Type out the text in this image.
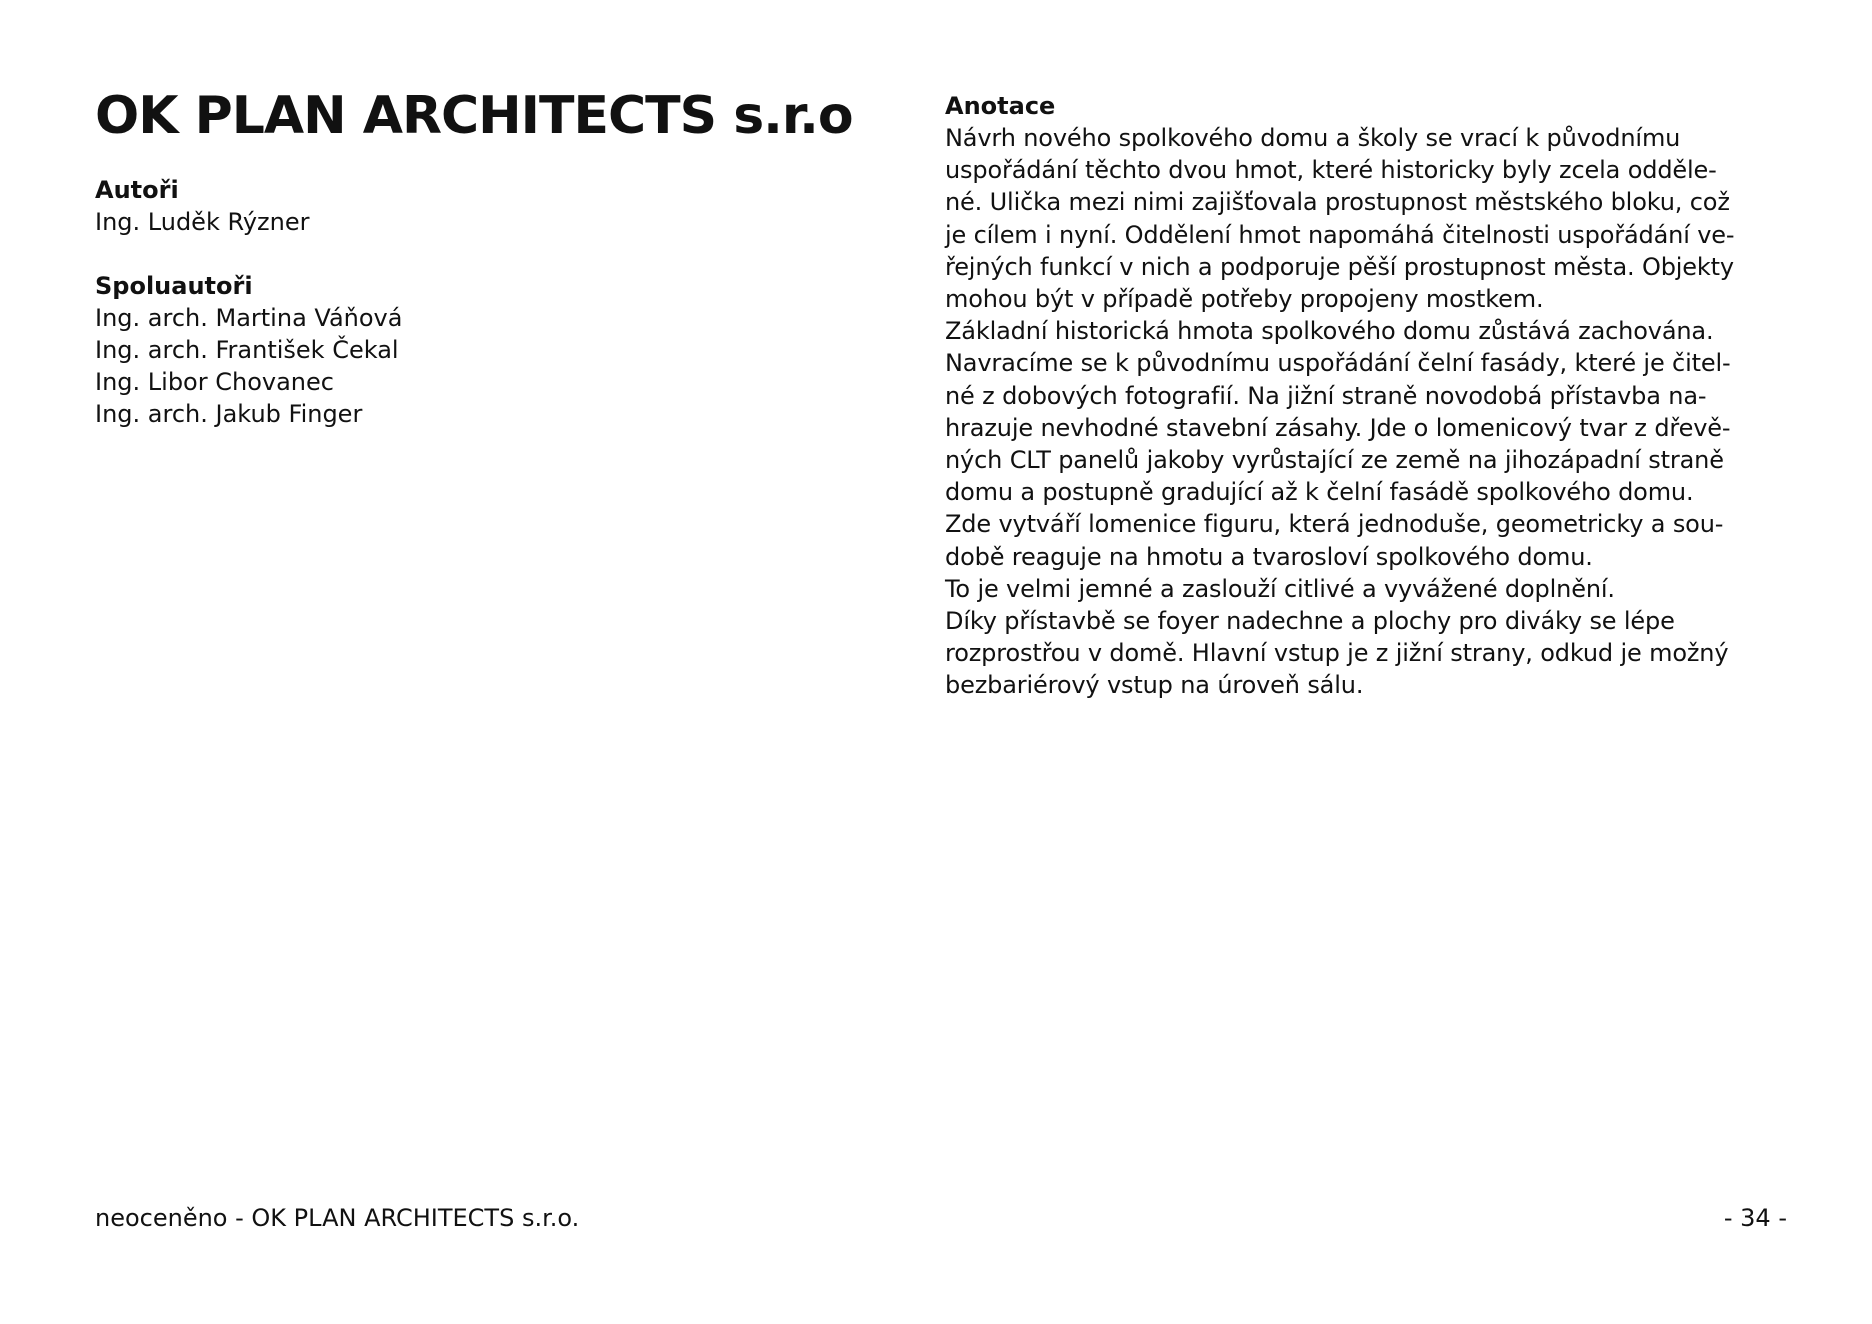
OK PLAN ARCHITECTS s.r.o

Autoři

Ing. Luděk Rýzner

Spoluautoři

Ing. arch. Martina Váňová

Ing. arch. František Čekal

Ing. Libor Chovanec

Ing. arch. Jakub Finger

Anotace

Návrh nového spolkového domu a školy se vrací k původnímu

uspořádání těchto dvou hmot, které historicky byly zcela odděle-

né. Ulička mezi nimi zajišťovala prostupnost městského bloku, což

je cílem i nyní. Oddělení hmot napomáhá čitelnosti uspořádání ve-

řejných funkcí v nich a podporuje pěší prostupnost města. Objekty

mohou být v případě potřeby propojeny mostkem.

Základní historická hmota spolkového domu zůstává zachována.

Navracíme se k původnímu uspořádání čelní fasády, které je čitel-

né z dobových fotografií. Na jižní straně novodobá přístavba na-

hrazuje nevhodné stavební zásahy. Jde o lomenicový tvar z dřevě-

ných CLT panelů jakoby vyrůstající ze země na jihozápadní straně

domu a postupně gradující až k čelní fasádě spolkového domu.

Zde vytváří lomenice figuru, která jednoduše, geometricky a sou-

době reaguje na hmotu a tvarosloví spolkového domu.

To je velmi jemné a zaslouží citlivé a vyvážené doplnění.

Díky přístavbě se foyer nadechne a plochy pro diváky se lépe

rozprostřou v domě. Hlavní vstup je z jižní strany, odkud je možný

bezbariérový vstup na úroveň sálu.

neoceněno - OK PLAN ARCHITECTS s.r.o.	- 34 -
